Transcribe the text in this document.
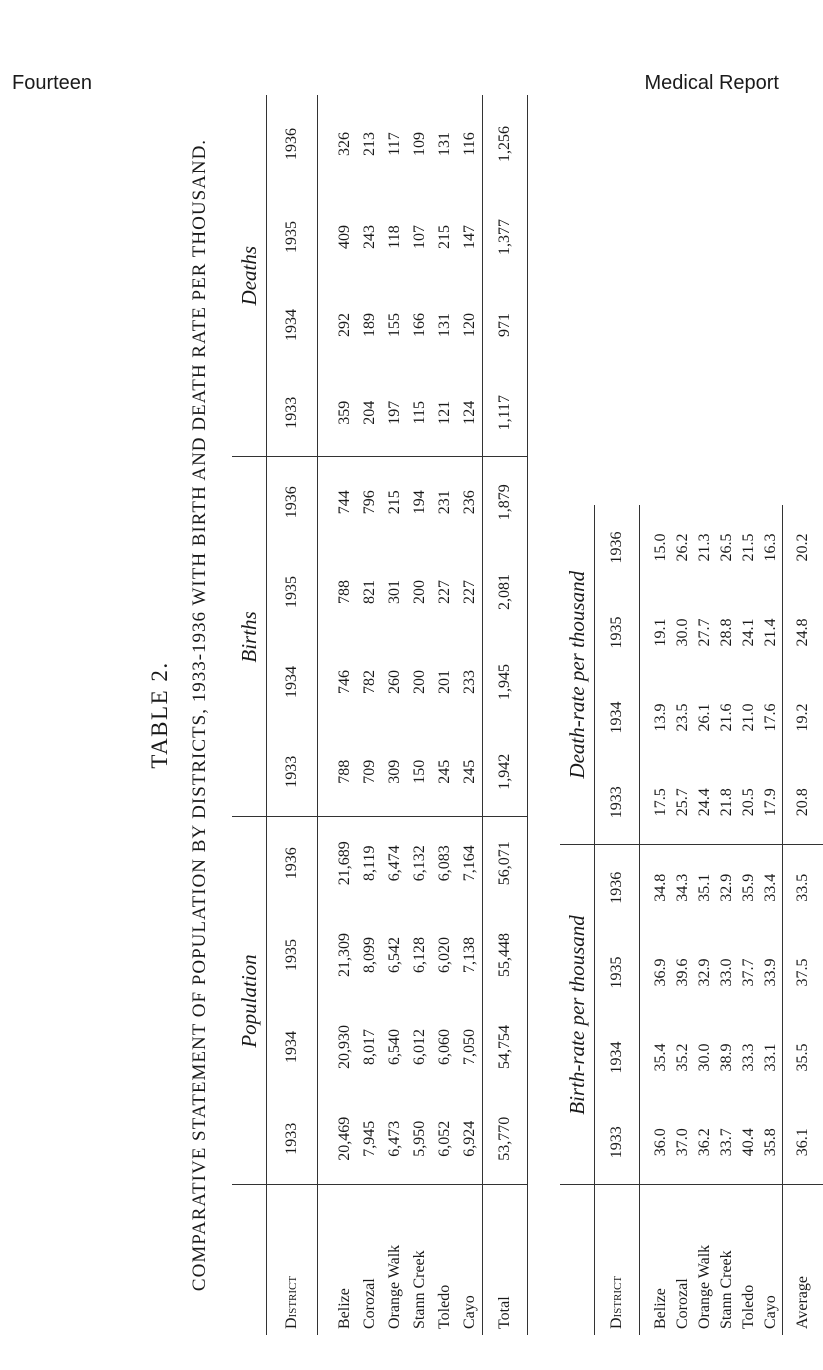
Fourteen	Medical Report
TABLE 2. COMPARATIVE STATEMENT OF POPULATION BY DISTRICTS, 1933-1936 WITH BIRTH AND DEATH RATE PER THOUSAND.
		Population				Births				Deaths			
District	1933	1934	1935	1936	1933	1934	1935	1936	1933	1934	1935	1936
Belize	20,469	20,930	21,309	21,689	788	746	788	744	359	292	409	326
Corozal	7,945	8,017	8,099	8,119	709	782	821	796	204	189	243	213
Orange Walk	6,473	6,540	6,542	6,474	309	260	301	215	197	155	118	117
Stann Creek	5,950	6,012	6,128	6,132	150	200	200	194	115	166	107	109
Toledo	6,052	6,060	6,020	6,083	245	201	227	231	121	131	215	131
Cayo	6,924	7,050	7,138	7,164	245	233	227	236	124	120	147	116
Total	53,770	54,754	55,448	56,071	1,942	1,945	2,081	1,879	1,117	971	1,377	1,256
	Birth-rate per thousand				Death-rate per thousand			
District	1933	1934	1935	1936	1933	1934	1935	1936
Belize	36.0	35.4	36.9	34.8	17.5	13.9	19.1	15.0
Corozal	37.0	35.2	39.6	34.3	25.7	23.5	30.0	26.2
Orange Walk	36.2	30.0	32.9	35.1	24.4	26.1	27.7	21.3
Stann Creek	33.7	38.9	33.0	32.9	21.8	21.6	28.8	26.5
Toledo	40.4	33.3	37.7	35.9	20.5	21.0	24.1	21.5
Cayo	35.8	33.1	33.9	33.4	17.9	17.6	21.4	16.3
Average	36.1	35.5	37.5	33.5	20.8	19.2	24.8	20.2
